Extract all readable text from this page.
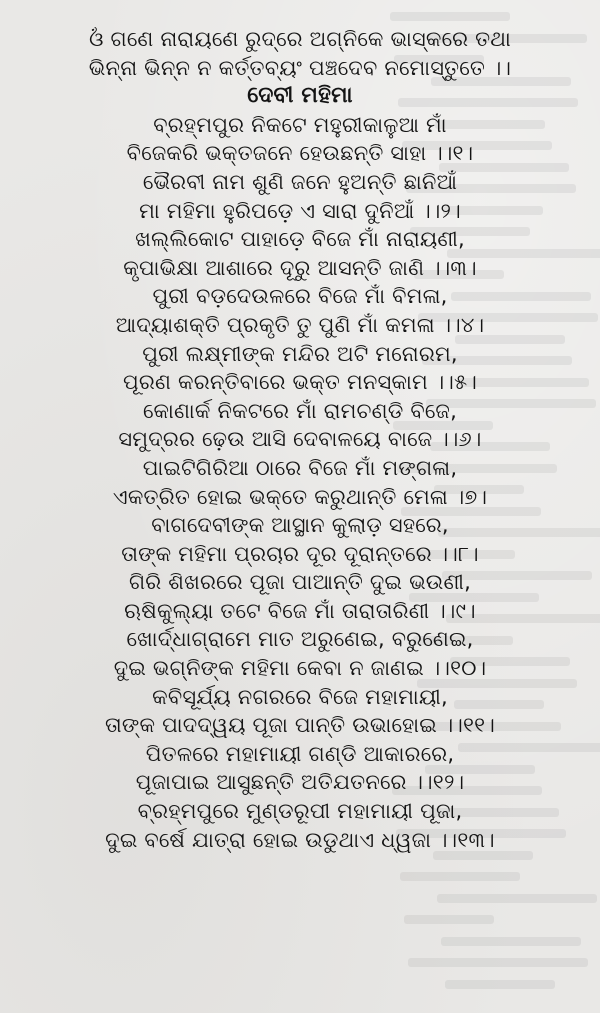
ଓଁ ଗଣେ ନାରାୟଣେ ରୁଦ୍ରେ ଅଗ୍ନିକେ ଭାସ୍କରେ ତଥା
ଭିନ୍ନା ଭିନ୍ନ ନ କର୍ତ୍ତବ୍ୟଂ ପଞ୍ଚଦେବ ନମୋସ୍ତୁତେ ।।
ଦେବୀ ମହିମା
ବ୍ରହ୍ମପୁର ନିକଟେ ମହୁରୀକାଳୁଆ ମାଁ
ବିଜେକରି ଭକ୍ତଜନେ ହେଉଛନ୍ତି ସାହା ।।୧।
ଭୈରବୀ ନାମ ଶୁଣି ଜନେ ହୁଅନ୍ତି ଛାନିଆଁ
ମା ମହିମା ହୁରିପଡ଼େ ଏ ସାରା ଦୁନିଆଁ ।।୨।
ଖଲ୍ଲିକୋଟ ପାହାଡ଼େ ବିଜେ ମାଁ ନାରାୟଣୀ,
କୃପାଭିକ୍ଷା ଆଶାରେ ଦୂରୁ ଆସନ୍ତି ଜାଣି ।।୩।
ପୁରୀ ବଡ଼ଦେଉଳରେ ବିଜେ ମାଁ ବିମଳା,
ଆଦ୍ୟାଶକ୍ତି ପ୍ରକୃତି ତୁ ପୁଣି ମାଁ କମଳା ।।୪।
ପୁରୀ ଲକ୍ଷ୍ମୀଙ୍କ ମନ୍ଦିର ଅଟି ମନୋରମ,
ପୂରଣ କରନ୍ତିବାରେ ଭକ୍ତ ମନସ୍କାମ ।।୫।
କୋଣାର୍କ ନିକଟରେ ମାଁ ରାମଚଣ୍ଡି ବିଜେ,
ସମୁଦ୍ରର ଢ଼େଉ ଆସି ଦେବାଳୟେ ବାଜେ ।।୬।
ପାଇଟିଗିରିଆ ଠାରେ ବିଜେ ମାଁ ମଙ୍ଗଳା,
ଏକତ୍ରିତ ହୋଇ ଭକ୍ତେ କରୁଥାନ୍ତି ମେଳା ।୭।
ବାଗଦେବୀଙ୍କ ଆସ୍ଥାନ କୁଲାଡ଼ ସହରେ,
ତାଙ୍କ ମହିମା ପ୍ରଚାର ଦୂର ଦୂରାନ୍ତରେ ।।୮।
ଗିରି ଶିଖରରେ ପୂଜା ପାଆନ୍ତି ଦୁଇ ଭଉଣୀ,
ଋଷିକୁଲ୍ୟା ତଟେ ବିଜେ ମାଁ ତାରାତାରିଣୀ ।।୯।
ଖୋର୍ଦ୍ଧାଗ୍ରାମେ ମାତ ଅରୁଣେଇ, ବରୁଣେଇ,
ଦୁଇ ଭଗ୍ନିଙ୍କ ମହିମା କେବା ନ ଜାଣଇ ।।୧୦।
କବିସୂର୍ଯ୍ୟ ନଗରରେ ବିଜେ ମହାମାୟୀ,
ତାଙ୍କ ପାଦଦ୍ୱୟ ପୂଜା ପାନ୍ତି ଉଭାହୋଇ ।।୧୧।
ପିତଳରେ ମହାମାୟୀ ଗଣ୍ଡି ଆକାରରେ,
ପୂଜାପାଇ ଆସୁଛନ୍ତି ଅତିଯତନରେ ।।୧୨।
ବ୍ରହ୍ମପୁରେ ମୁଣ୍ଡରୂପୀ ମହାମାୟୀ ପୂଜା,
ଦୁଇ ବର୍ଷେ ଯାତ୍ରା ହୋଇ ଉଡୁଥାଏ ଧ୍ୱଜା ।।୧୩।
